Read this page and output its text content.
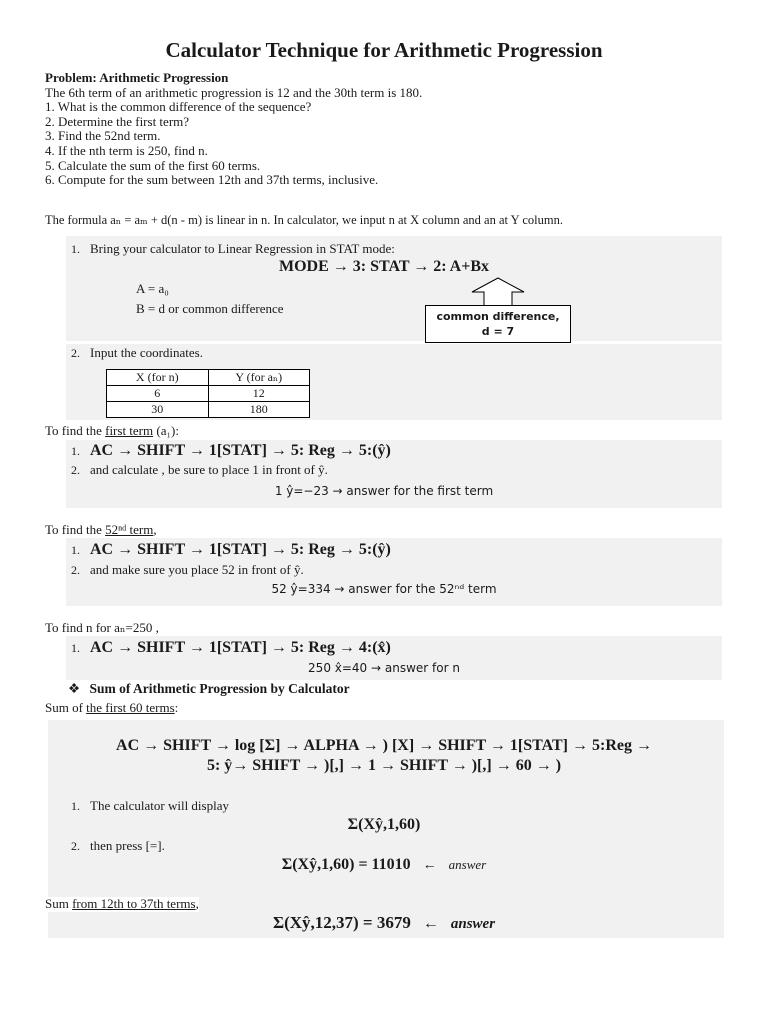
Calculator Technique for Arithmetic Progression
Problem: Arithmetic Progression
The 6th term of an arithmetic progression is 12 and the 30th term is 180.
1. What is the common difference of the sequence?
2. Determine the first term?
3. Find the 52nd term.
4. If the nth term is 250, find n.
5. Calculate the sum of the first 60 terms.
6. Compute for the sum between 12th and 37th terms, inclusive.
The formula aₙ = aₘ + d(n - m) is linear in n. In calculator, we input n at X column and an at Y column.
1. Bring your calculator to Linear Regression in STAT mode:
MODE → 3: STAT → 2: A+Bx
A = a₀
B = d or common difference
common difference,
d = 7
2. Input the coordinates.
X (for n)	Y (for aₙ)
6	12
30	180
To find the first term (a₁):
1. AC → SHIFT → 1[STAT] → 5: Reg → 5:(ŷ)
2. and calculate , be sure to place 1 in front of ŷ.
1 ŷ=−23 → answer for the first term
To find the 52ⁿᵈ term,
1. AC → SHIFT → 1[STAT] → 5: Reg → 5:(ŷ)
2. and make sure you place 52 in front of ŷ.
52 ŷ=334 → answer for the 52ⁿᵈ term
To find n for aₙ=250 ,
1. AC → SHIFT → 1[STAT] → 5: Reg → 4:(x̂)
250 x̂=40 → answer for n
❖ Sum of Arithmetic Progression by Calculator
Sum of the first 60 terms:
AC → SHIFT → log [Σ] → ALPHA → ) [X] → SHIFT → 1[STAT] → 5:Reg →
5: ŷ→ SHIFT → )[,] → 1 → SHIFT → )[,] → 60 → )
1. The calculator will display
Σ(Xŷ,1,60)
2. then press [=].
Σ(Xŷ,1,60) = 11010 ← answer
Sum from 12th to 37th terms,
Σ(Xŷ,12,37) = 3679 ← answer
